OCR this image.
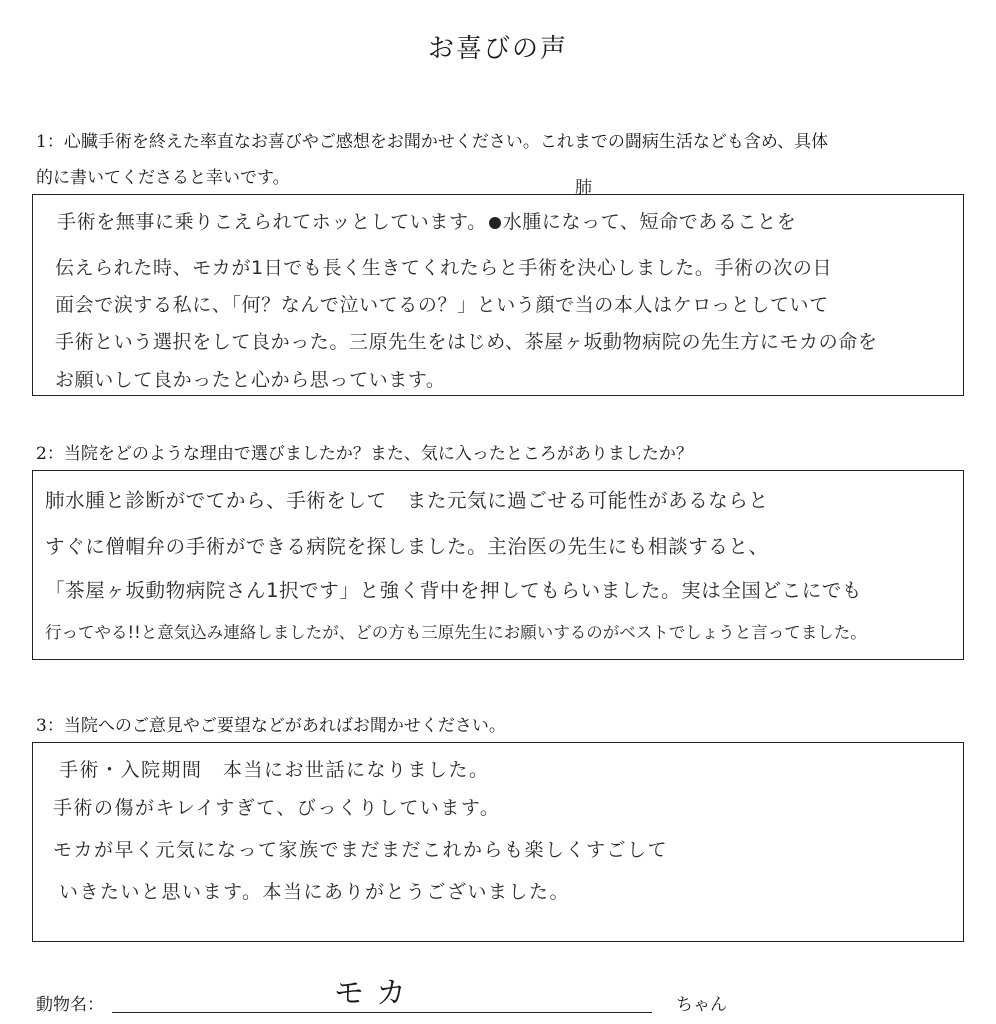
お喜びの声
1：心臓手術を終えた率直なお喜びやご感想をお聞かせください。これまでの闘病生活なども含め、具体
的に書いてくださると幸いです。	肺
手術を無事に乗りこえられてホッとしています。 水腫になって、短命であることを
伝えられた時、モカが1日でも長く生きてくれたらと手術を決心しました。手術の次の日
面会で涙する私に、「何？なんで泣いてるの？」という顔で当の本人はケロっとしていて
手術という選択をして良かった。三原先生をはじめ、茶屋ヶ坂動物病院の先生方にモカの命を
お願いして良かったと心から思っています。
2：当院をどのような理由で選びましたか？また、気に入ったところがありましたか？
肺水腫と診断がでてから、手術をして　また元気に過ごせる可能性があるならと
すぐに僧帽弁の手術ができる病院を探しました。主治医の先生にも相談すると、
「茶屋ヶ坂動物病院さん1択です」と強く背中を押してもらいました。実は全国どこにでも
行ってやる!!と意気込み連絡しましたが、どの方も三原先生にお願いするのがベストでしょうと言ってました。
3：当院へのご意見やご要望などがあればお聞かせください。
手術・入院期間　本当にお世話になりました。
手術の傷がキレイすぎて、びっくりしています。
モカが早く元気になって家族でまだまだこれからも楽しくすごして
いきたいと思います。本当にありがとうございました。
動物名：	モカ	ちゃん
